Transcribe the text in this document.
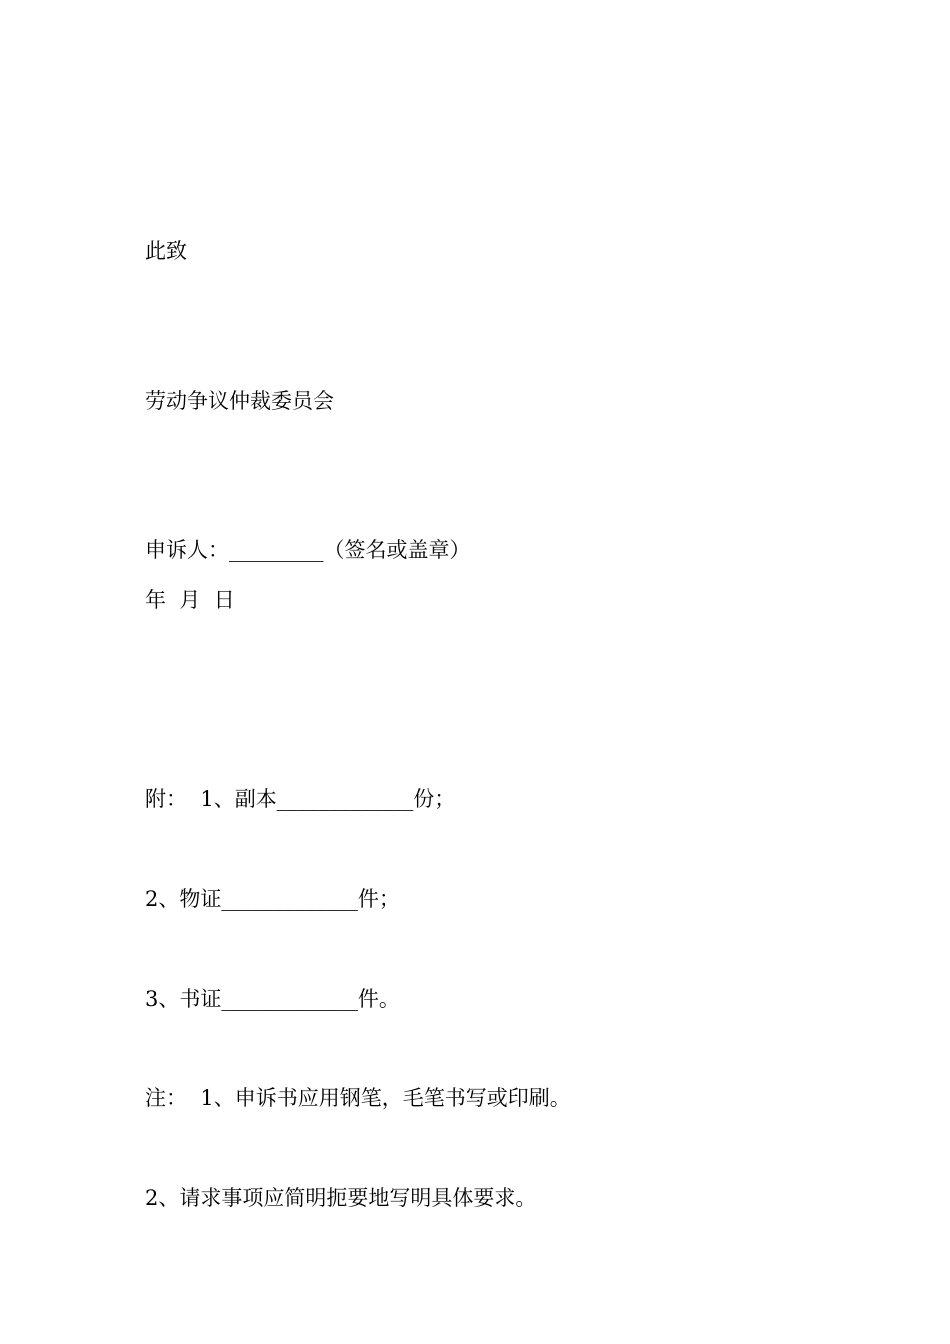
此致

劳动争议仲裁委员会

申诉人：_________（签名或盖章）

年  月  日

附：  1、副本_____________份；

2、物证_____________件；

3、书证_____________件。

注：  1、申诉书应用钢笔，毛笔书写或印刷。

2、请求事项应简明扼要地写明具体要求。
